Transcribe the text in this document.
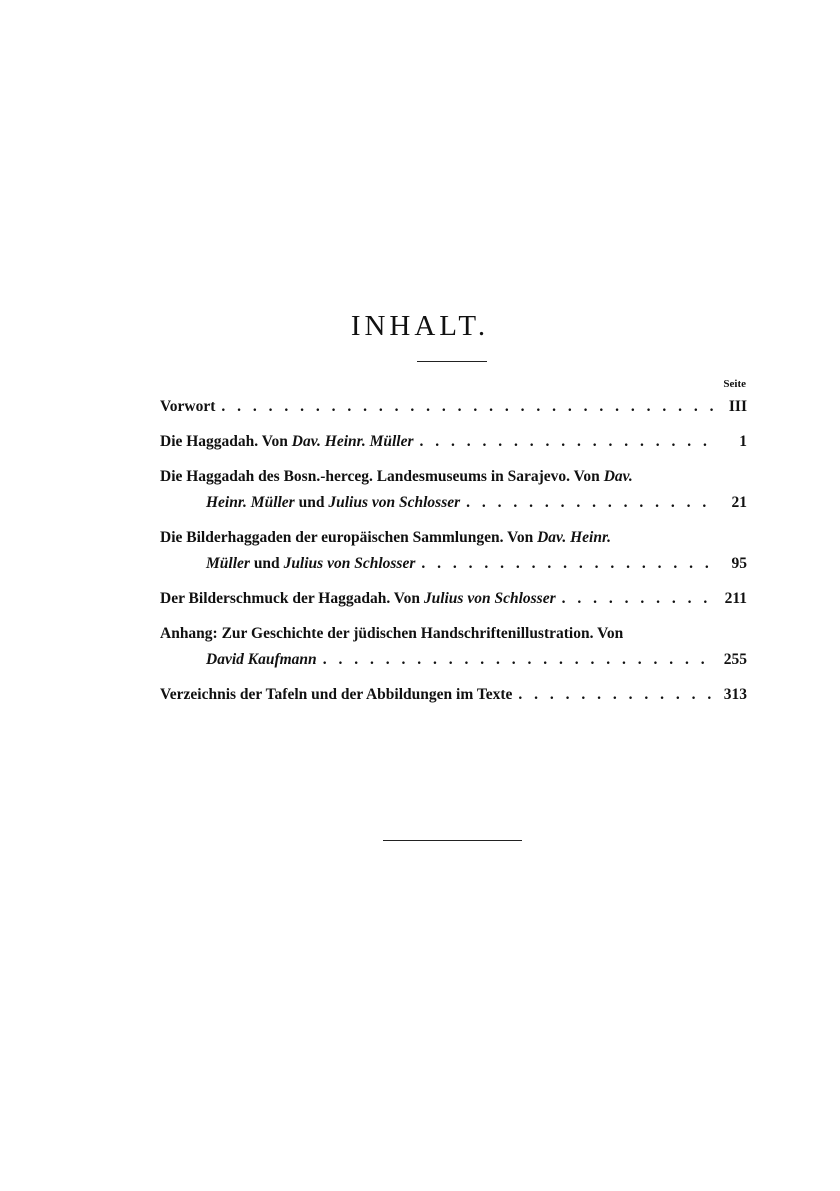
INHALT.
Seite
Vorwort . . .	III
Die Haggadah. Von Dav. Heinr. Müller . . .	1
Die Haggadah des Bosn.-herceg. Landesmuseums in Sarajevo. Von Dav.
Heinr. Müller und Julius von Schlosser . . .	21
Die Bilderhaggaden der europäischen Sammlungen. Von Dav. Heinr.
Müller und Julius von Schlosser . . .	95
Der Bilderschmuck der Haggadah. Von Julius von Schlosser . . .	211
Anhang: Zur Geschichte der jüdischen Handschriftenillustration. Von
David Kaufmann . . .	255
Verzeichnis der Tafeln und der Abbildungen im Texte . . .	313
